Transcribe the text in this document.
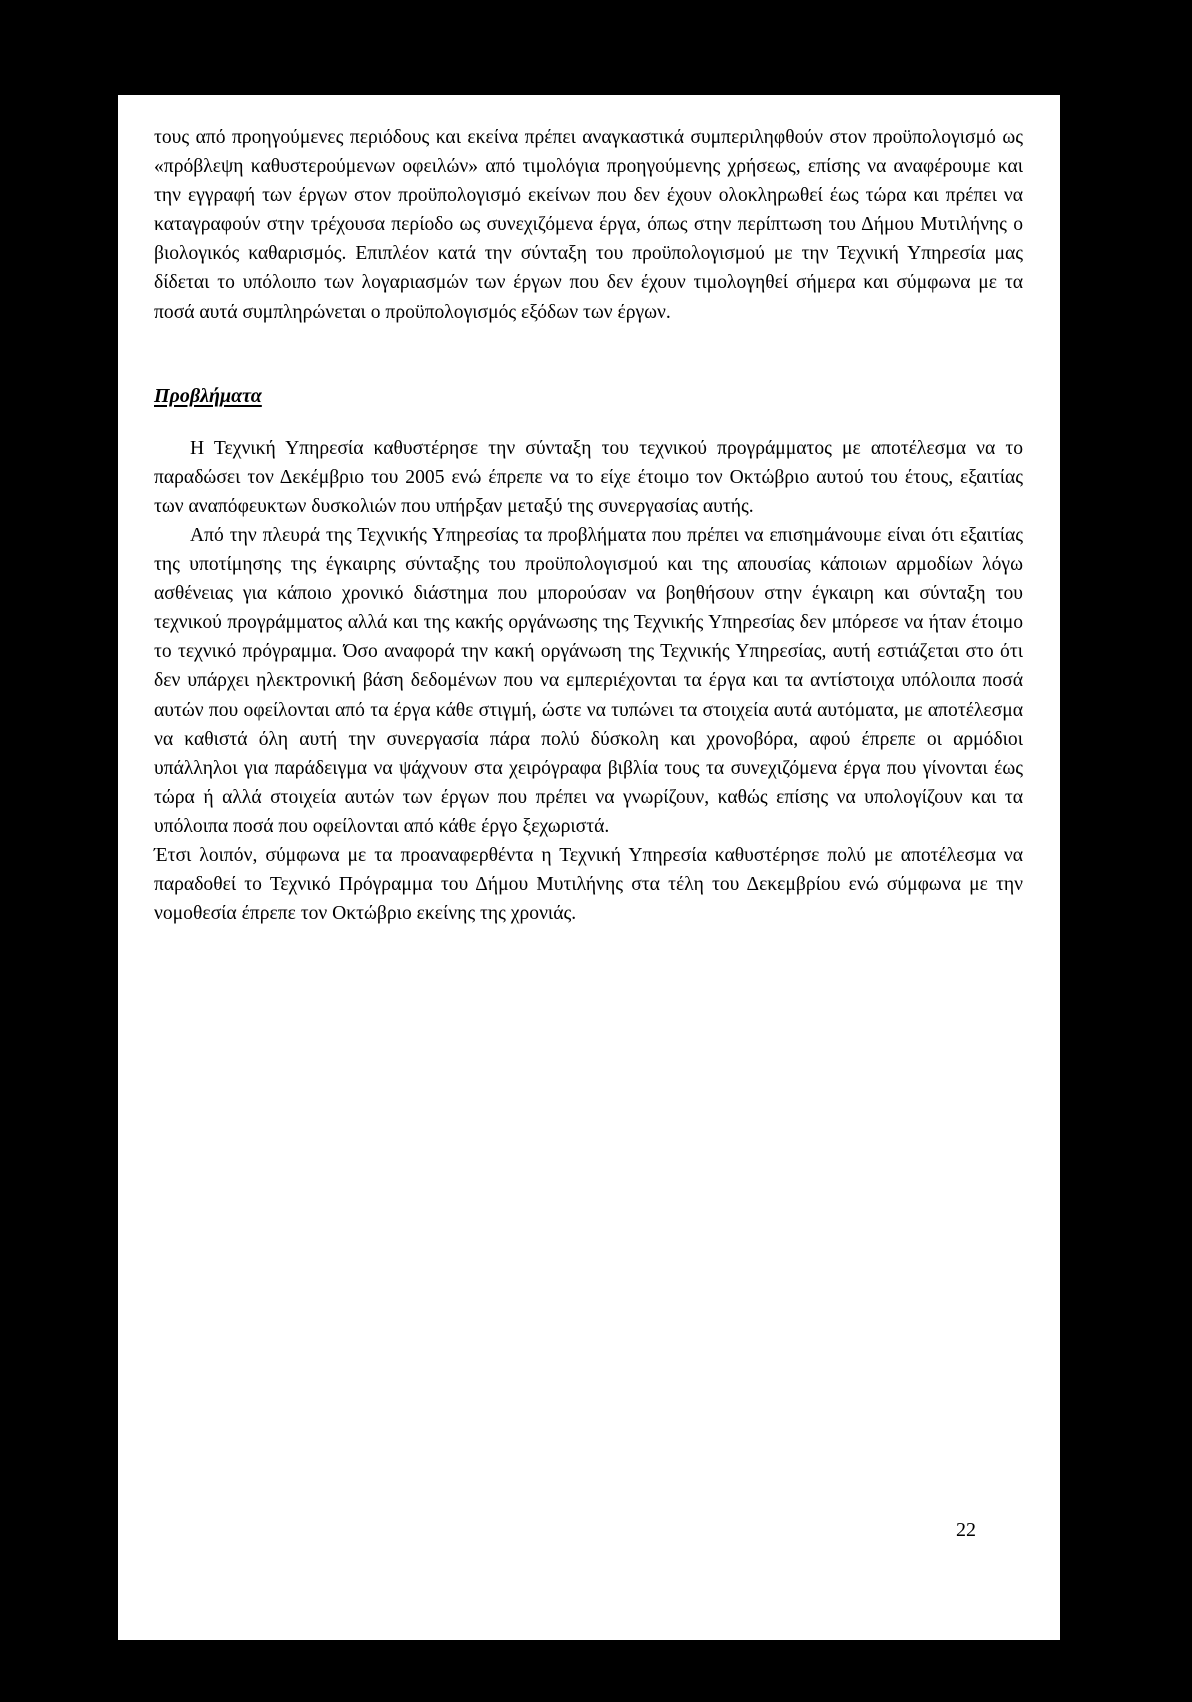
τους από προηγούμενες περιόδους και εκείνα πρέπει αναγκαστικά συμπεριληφθούν στον προϋπολογισμό ως «πρόβλεψη καθυστερούμενων οφειλών» από τιμολόγια προηγούμενης χρήσεως, επίσης να αναφέρουμε και την εγγραφή των έργων στον προϋπολογισμό εκείνων που δεν έχουν ολοκληρωθεί έως τώρα και πρέπει να καταγραφούν στην τρέχουσα περίοδο ως συνεχιζόμενα έργα, όπως στην περίπτωση του Δήμου Μυτιλήνης ο βιολογικός καθαρισμός. Επιπλέον κατά την σύνταξη του προϋπολογισμού με την Τεχνική Υπηρεσία μας δίδεται το υπόλοιπο των λογαριασμών των έργων που δεν έχουν τιμολογηθεί σήμερα και σύμφωνα με τα ποσά αυτά συμπληρώνεται ο προϋπολογισμός εξόδων των έργων.

Προβλήματα

Η Τεχνική Υπηρεσία καθυστέρησε την σύνταξη του τεχνικού προγράμματος με αποτέλεσμα να το παραδώσει τον Δεκέμβριο του 2005 ενώ έπρεπε να το είχε έτοιμο τον Οκτώβριο αυτού του έτους, εξαιτίας των αναπόφευκτων δυσκολιών που υπήρξαν μεταξύ της συνεργασίας αυτής.

Από την πλευρά της Τεχνικής Υπηρεσίας τα προβλήματα που πρέπει να επισημάνουμε είναι ότι εξαιτίας της υποτίμησης της έγκαιρης σύνταξης του προϋπολογισμού και της απουσίας κάποιων αρμοδίων λόγω ασθένειας για κάποιο χρονικό διάστημα που μπορούσαν να βοηθήσουν στην έγκαιρη και σύνταξη του τεχνικού προγράμματος αλλά και της κακής οργάνωσης της Τεχνικής Υπηρεσίας δεν μπόρεσε να ήταν έτοιμο το τεχνικό πρόγραμμα. Όσο αναφορά την κακή οργάνωση της Τεχνικής Υπηρεσίας, αυτή εστιάζεται στο ότι δεν υπάρχει ηλεκτρονική βάση δεδομένων που να εμπεριέχονται τα έργα και τα αντίστοιχα υπόλοιπα ποσά αυτών που οφείλονται από τα έργα κάθε στιγμή, ώστε να τυπώνει τα στοιχεία αυτά αυτόματα, με αποτέλεσμα να καθιστά όλη αυτή την συνεργασία πάρα πολύ δύσκολη και χρονοβόρα, αφού έπρεπε οι αρμόδιοι υπάλληλοι για παράδειγμα να ψάχνουν στα χειρόγραφα βιβλία τους τα συνεχιζόμενα έργα που γίνονται έως τώρα ή αλλά στοιχεία αυτών των έργων που πρέπει να γνωρίζουν, καθώς επίσης να υπολογίζουν και τα υπόλοιπα ποσά που οφείλονται από κάθε έργο ξεχωριστά.

Έτσι λοιπόν, σύμφωνα με τα προαναφερθέντα η Τεχνική Υπηρεσία καθυστέρησε πολύ με αποτέλεσμα να παραδοθεί το Τεχνικό Πρόγραμμα του Δήμου Μυτιλήνης στα τέλη του Δεκεμβρίου ενώ σύμφωνα με την νομοθεσία έπρεπε τον Οκτώβριο εκείνης της χρονιάς.

22
